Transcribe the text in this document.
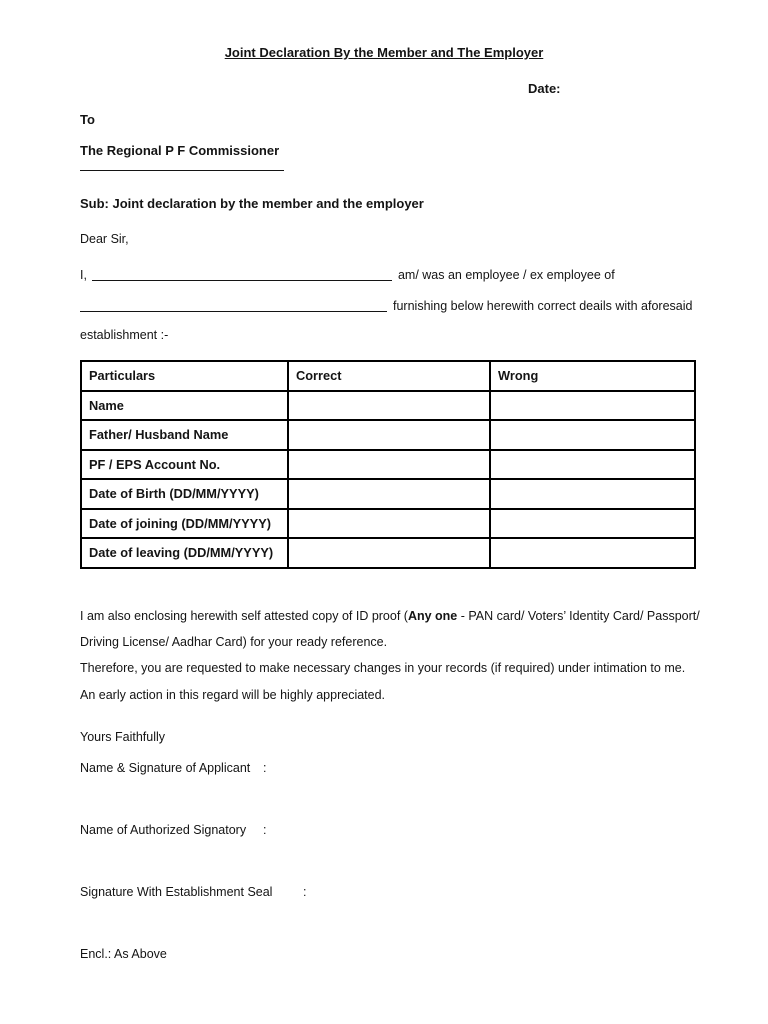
Joint Declaration By the Member and The Employer
Date:
To
The Regional P F Commissioner
Sub: Joint declaration by the member and the employer
Dear Sir,
I,	am/ was an employee / ex employee of
furnishing below herewith correct deails with aforesaid
establishment :-
Particulars	Correct	Wrong
Name
Father/ Husband Name
PF / EPS Account No.
Date of Birth (DD/MM/YYYY)
Date of joining (DD/MM/YYYY)
Date of leaving (DD/MM/YYYY)
I am also enclosing herewith self attested copy of ID proof (Any one - PAN card/ Voters’ Identity Card/ Passport/
Driving License/ Aadhar Card) for your ready reference.
Therefore, you are requested to make necessary changes in your records (if required) under intimation to me.
An early action in this regard will be highly appreciated.
Yours Faithfully
Name & Signature of Applicant :
Name of Authorized Signatory :
Signature With Establishment Seal :
Encl.: As Above
